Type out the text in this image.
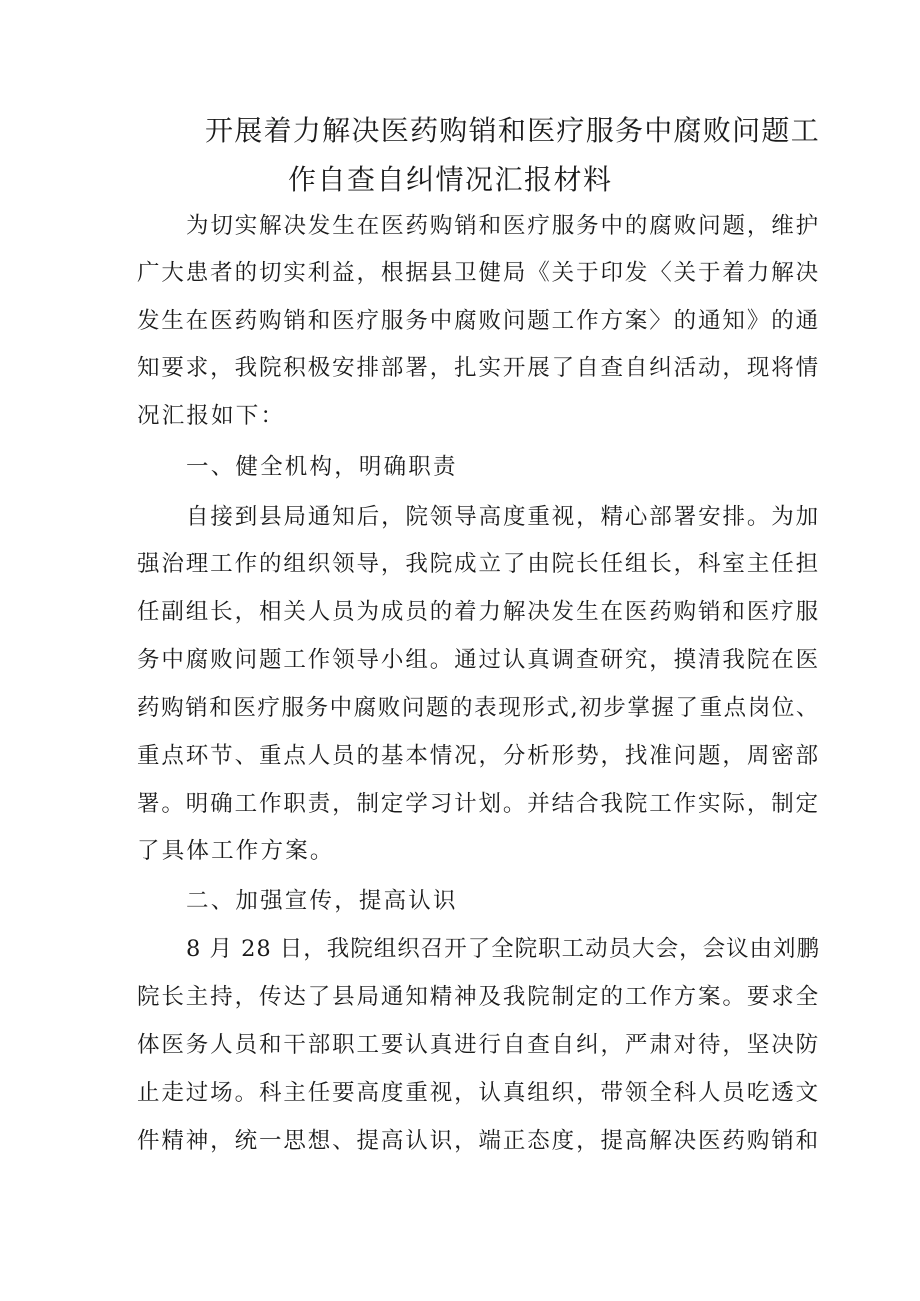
开展着力解决医药购销和医疗服务中腐败问题工
作自查自纠情况汇报材料
为切实解决发生在医药购销和医疗服务中的腐败问题，维护
广大患者的切实利益，根据县卫健局《关于印发〈关于着力解决
发生在医药购销和医疗服务中腐败问题工作方案〉的通知》的通
知要求，我院积极安排部署，扎实开展了自查自纠活动，现将情
况汇报如下：
一、健全机构，明确职责
自接到县局通知后，院领导高度重视，精心部署安排。为加
强治理工作的组织领导，我院成立了由院长任组长，科室主任担
任副组长，相关人员为成员的着力解决发生在医药购销和医疗服
务中腐败问题工作领导小组。通过认真调查研究，摸清我院在医
药购销和医疗服务中腐败问题的表现形式,初步掌握了重点岗位、
重点环节、重点人员的基本情况，分析形势，找准问题，周密部
署。明确工作职责，制定学习计划。并结合我院工作实际，制定
了具体工作方案。
二、加强宣传，提高认识
8 月 28 日，我院组织召开了全院职工动员大会，会议由刘鹏
院长主持，传达了县局通知精神及我院制定的工作方案。要求全
体医务人员和干部职工要认真进行自查自纠，严肃对待，坚决防
止走过场。科主任要高度重视，认真组织，带领全科人员吃透文
件精神，统一思想、提高认识，端正态度，提高解决医药购销和
